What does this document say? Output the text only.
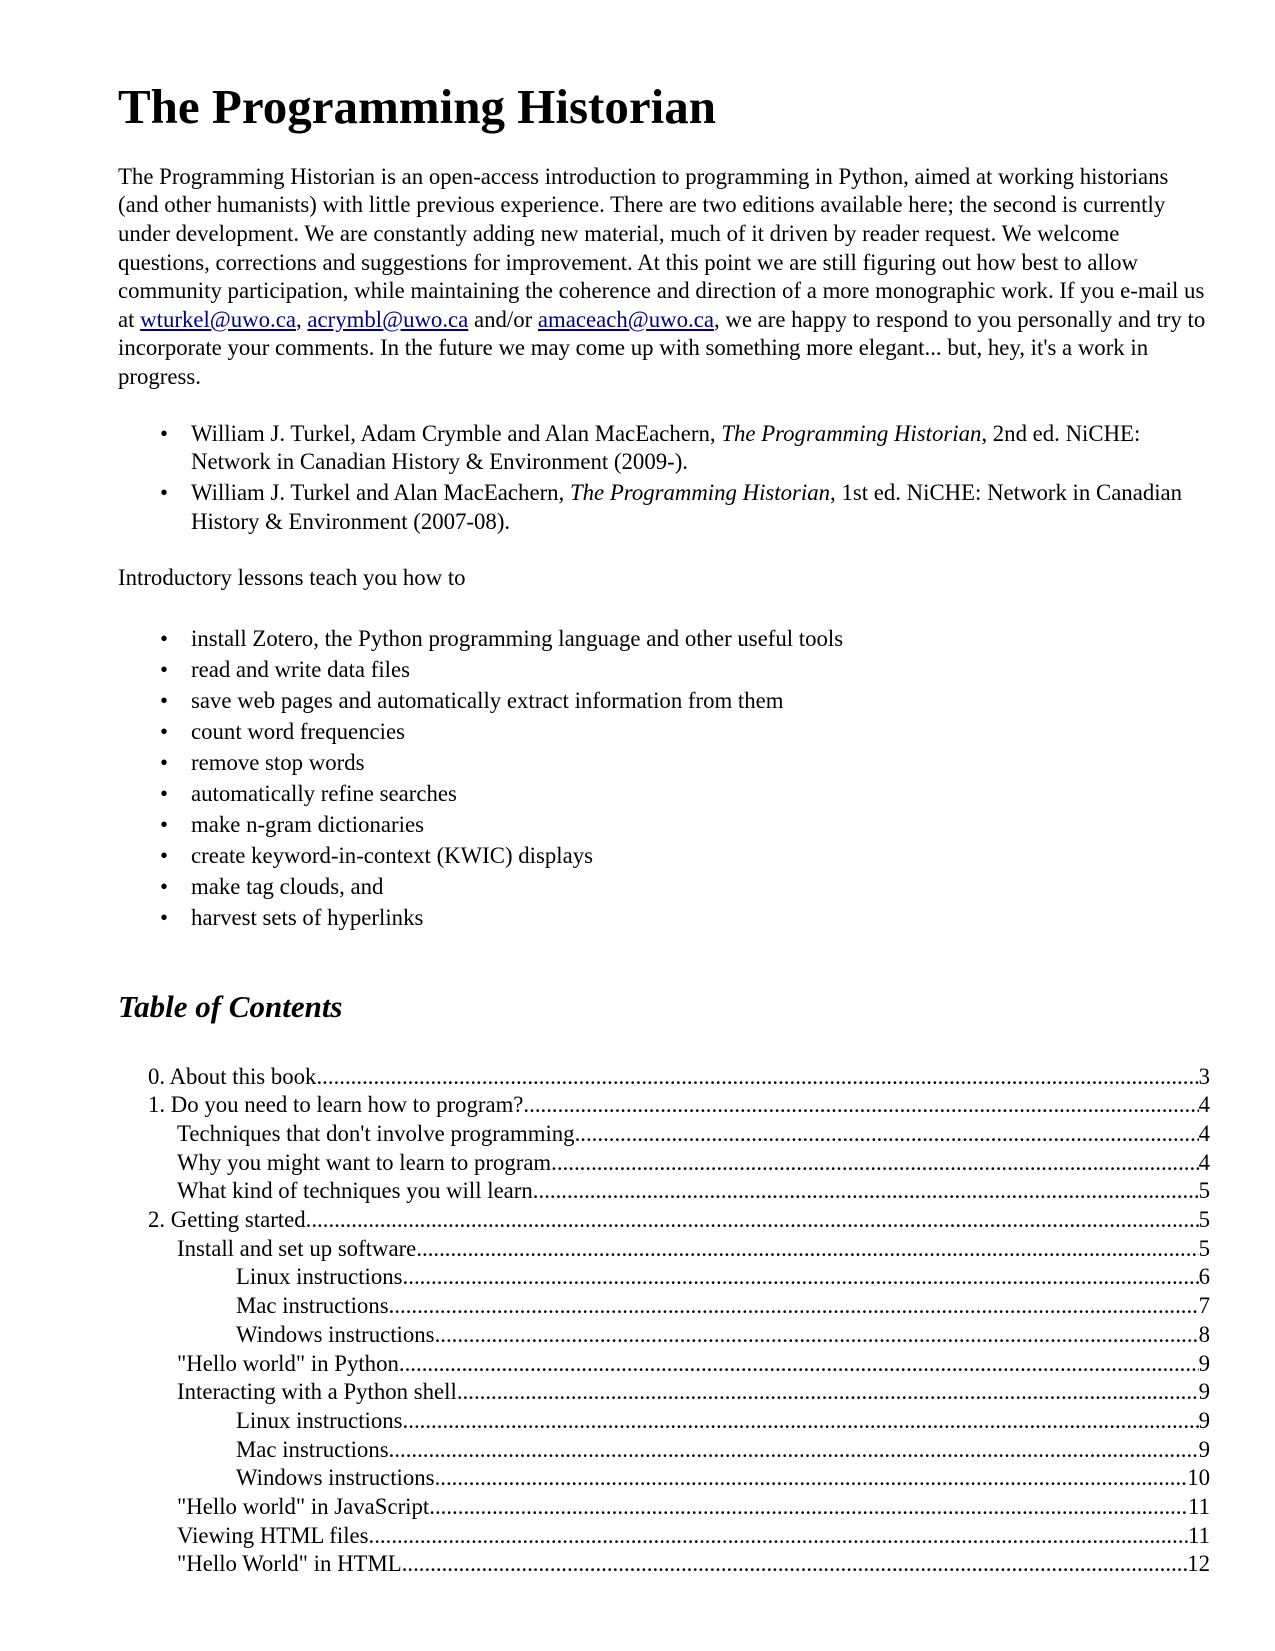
The Programming Historian

The Programming Historian is an open-access introduction to programming in Python, aimed at working historians (and other humanists) with little previous experience. There are two editions available here; the second is currently under development. We are constantly adding new material, much of it driven by reader request. We welcome questions, corrections and suggestions for improvement. At this point we are still figuring out how best to allow community participation, while maintaining the coherence and direction of a more monographic work. If you e-mail us at wturkel@uwo.ca, acrymbl@uwo.ca and/or amaceach@uwo.ca, we are happy to respond to you personally and try to incorporate your comments. In the future we may come up with something more elegant... but, hey, it's a work in progress.

• William J. Turkel, Adam Crymble and Alan MacEachern, The Programming Historian, 2nd ed. NiCHE: Network in Canadian History & Environment (2009-).
• William J. Turkel and Alan MacEachern, The Programming Historian, 1st ed. NiCHE: Network in Canadian History & Environment (2007-08).

Introductory lessons teach you how to

• install Zotero, the Python programming language and other useful tools
• read and write data files
• save web pages and automatically extract information from them
• count word frequencies
• remove stop words
• automatically refine searches
• make n-gram dictionaries
• create keyword-in-context (KWIC) displays
• make tag clouds, and
• harvest sets of hyperlinks
Table of Contents
0. About this book .....	3
1. Do you need to learn how to program? .....	4
Techniques that don't involve programming .....	4
Why you might want to learn to program .....	4
What kind of techniques you will learn .....	5
2. Getting started .....	5
Install and set up software .....	5
Linux instructions .....	6
Mac instructions .....	7
Windows instructions .....	8
"Hello world" in Python .....	9
Interacting with a Python shell .....	9
Linux instructions .....	9
Mac instructions .....	9
Windows instructions .....	10
"Hello world" in JavaScript .....	11
Viewing HTML files .....	11
"Hello World" in HTML .....	12
